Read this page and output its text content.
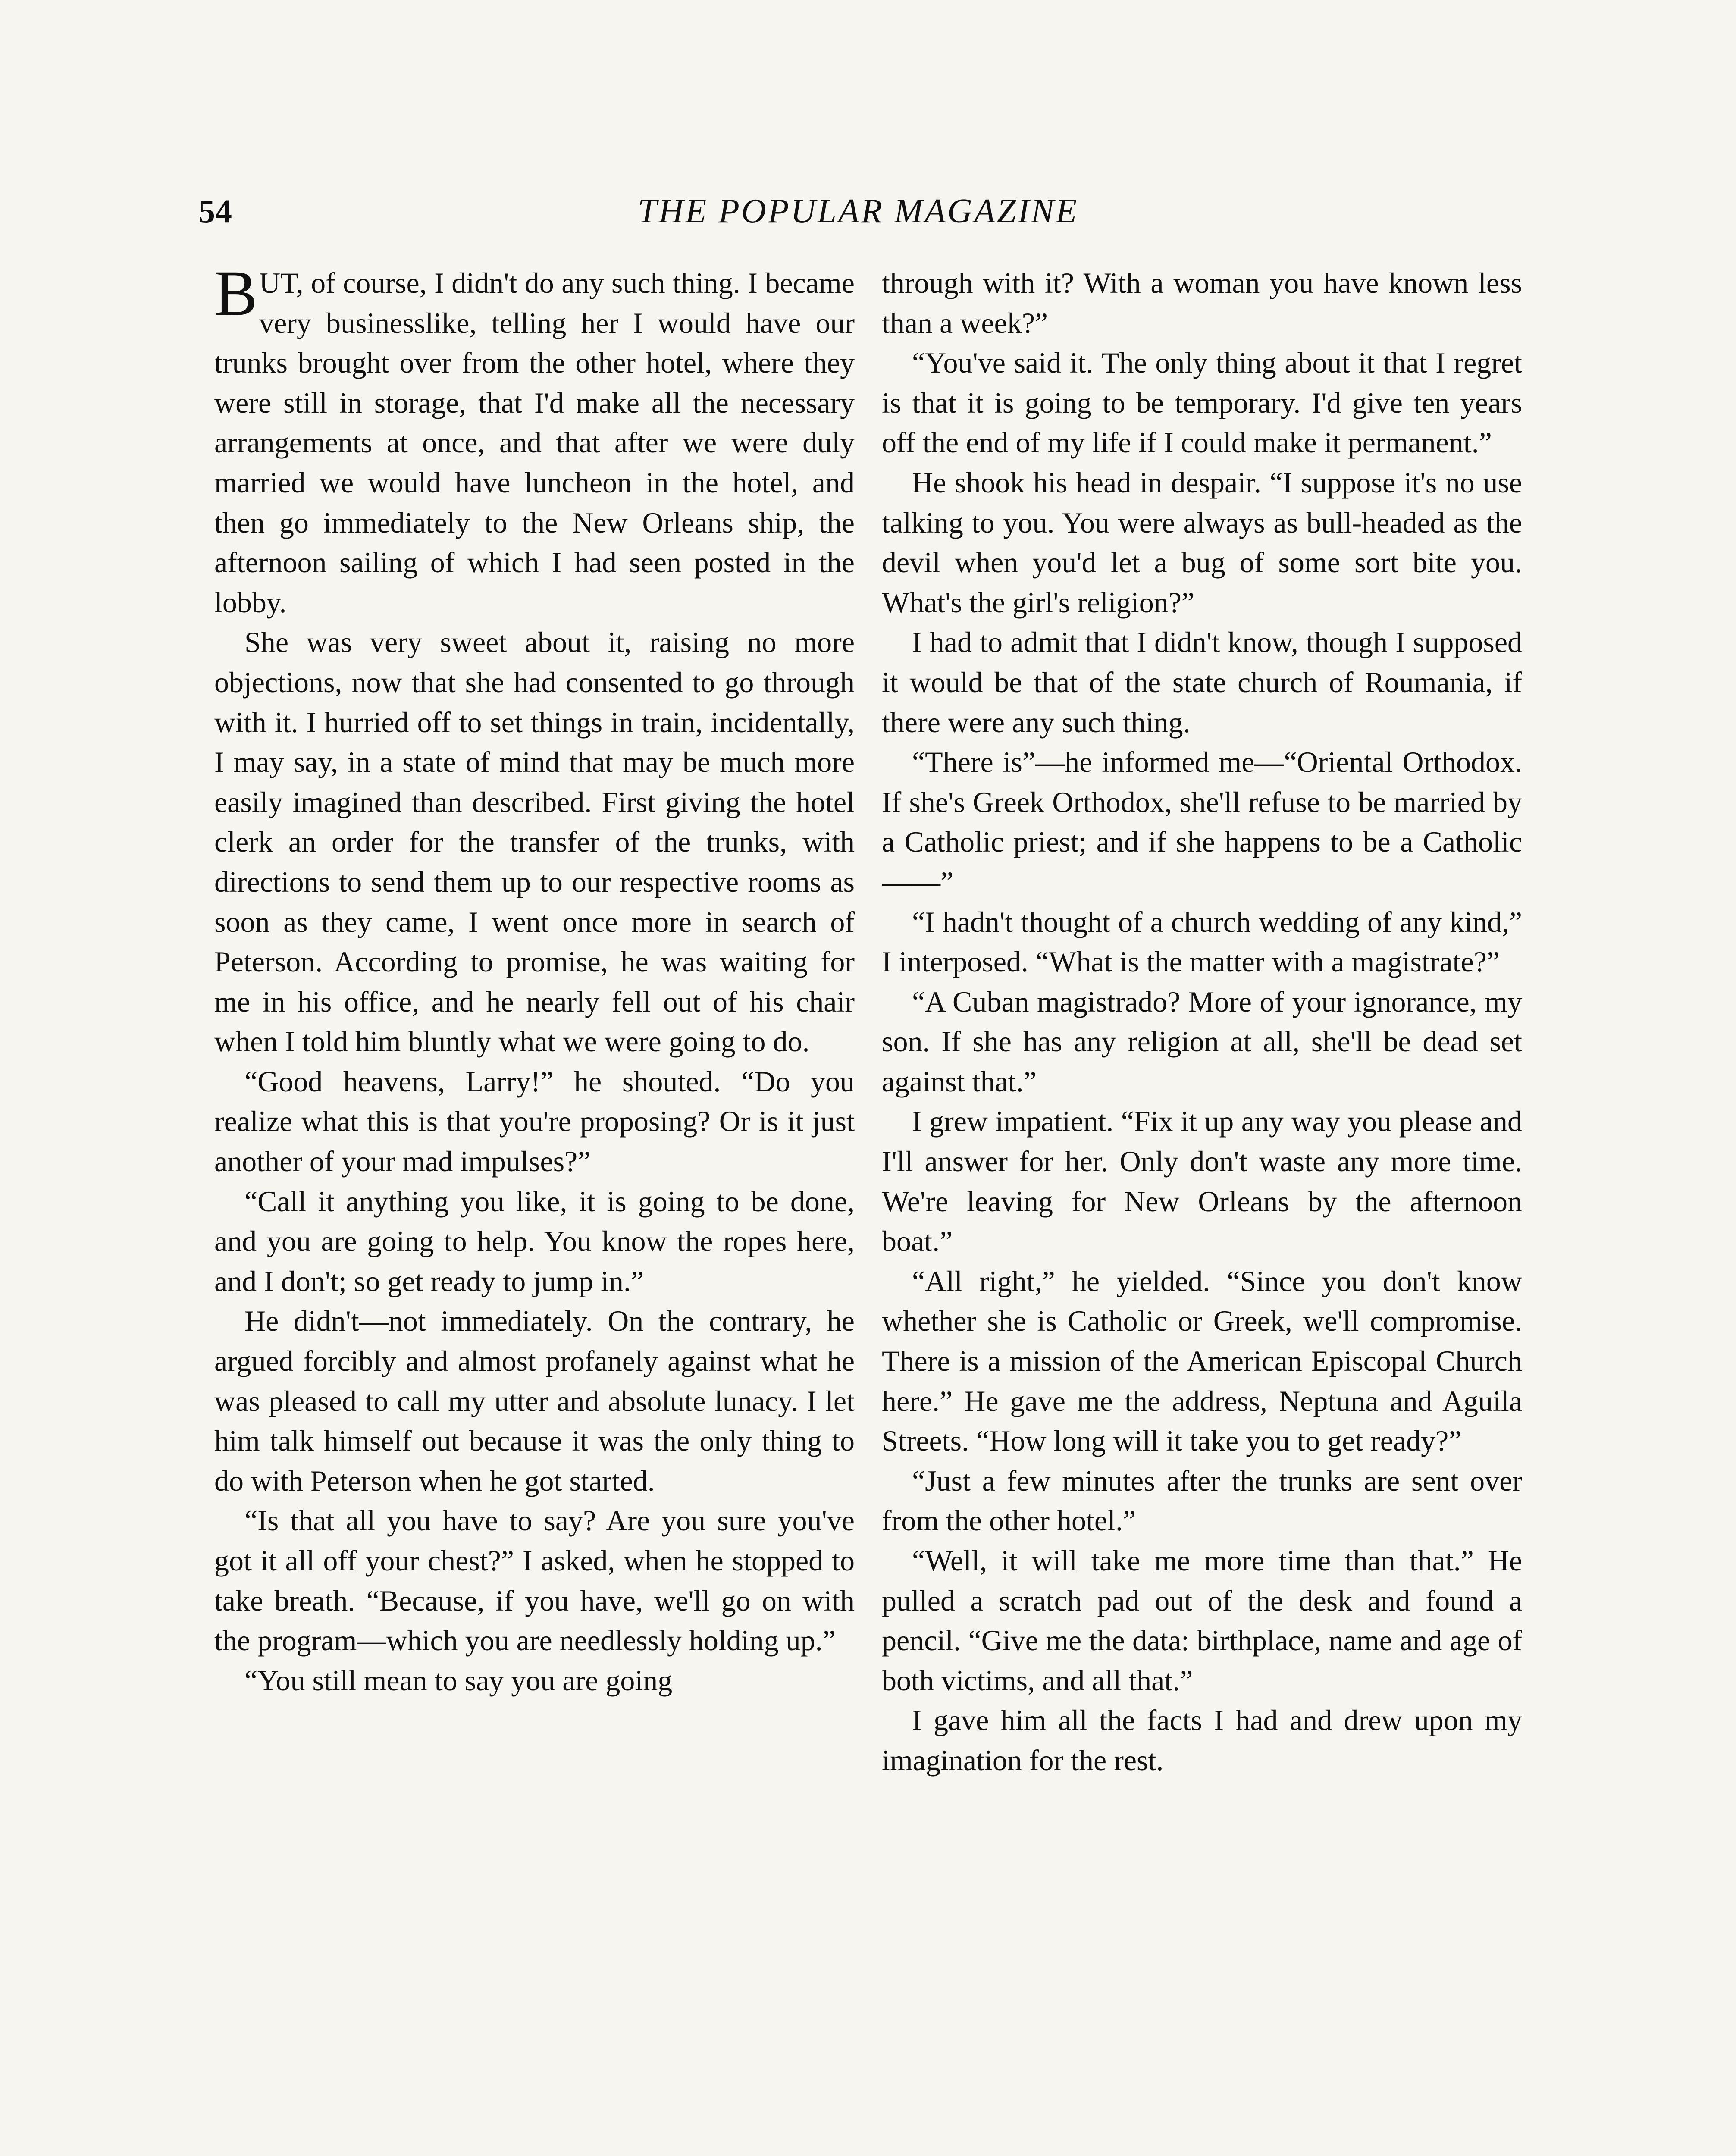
54	THE POPULAR MAGAZINE

BUT, of course, I didn't do any such thing. I became very businesslike, telling her I would have our trunks brought over from the other hotel, where they were still in storage, that I'd make all the necessary arrangements at once, and that after we were duly married we would have luncheon in the hotel, and then go immediately to the New Orleans ship, the afternoon sailing of which I had seen posted in the lobby.

She was very sweet about it, raising no more objections, now that she had consented to go through with it. I hurried off to set things in train, incidentally, I may say, in a state of mind that may be much more easily imagined than described. First giving the hotel clerk an order for the transfer of the trunks, with directions to send them up to our respective rooms as soon as they came, I went once more in search of Peterson. According to promise, he was waiting for me in his office, and he nearly fell out of his chair when I told him bluntly what we were going to do.

“Good heavens, Larry!” he shouted. “Do you realize what this is that you're proposing? Or is it just another of your mad impulses?”

“Call it anything you like, it is going to be done, and you are going to help. You know the ropes here, and I don't; so get ready to jump in.”

He didn't—not immediately. On the contrary, he argued forcibly and almost profanely against what he was pleased to call my utter and absolute lunacy. I let him talk himself out because it was the only thing to do with Peterson when he got started.

“Is that all you have to say? Are you sure you've got it all off your chest?” I asked, when he stopped to take breath. “Because, if you have, we'll go on with the program—which you are needlessly holding up.”

“You still mean to say you are going

through with it? With a woman you have known less than a week?”

“You've said it. The only thing about it that I regret is that it is going to be temporary. I'd give ten years off the end of my life if I could make it permanent.”

He shook his head in despair. “I suppose it's no use talking to you. You were always as bull-headed as the devil when you'd let a bug of some sort bite you. What's the girl's religion?”

I had to admit that I didn't know, though I supposed it would be that of the state church of Roumania, if there were any such thing.

“There is”—he informed me—“Oriental Orthodox. If she's Greek Orthodox, she'll refuse to be married by a Catholic priest; and if she happens to be a Catholic——”

“I hadn't thought of a church wedding of any kind,” I interposed. “What is the matter with a magistrate?”

“A Cuban magistrado? More of your ignorance, my son. If she has any religion at all, she'll be dead set against that.”

I grew impatient. “Fix it up any way you please and I'll answer for her. Only don't waste any more time. We're leaving for New Orleans by the afternoon boat.”

“All right,” he yielded. “Since you don't know whether she is Catholic or Greek, we'll compromise. There is a mission of the American Episcopal Church here.” He gave me the address, Neptuna and Aguila Streets. “How long will it take you to get ready?”

“Just a few minutes after the trunks are sent over from the other hotel.”

“Well, it will take me more time than that.” He pulled a scratch pad out of the desk and found a pencil. “Give me the data: birthplace, name and age of both victims, and all that.”

I gave him all the facts I had and drew upon my imagination for the rest.
